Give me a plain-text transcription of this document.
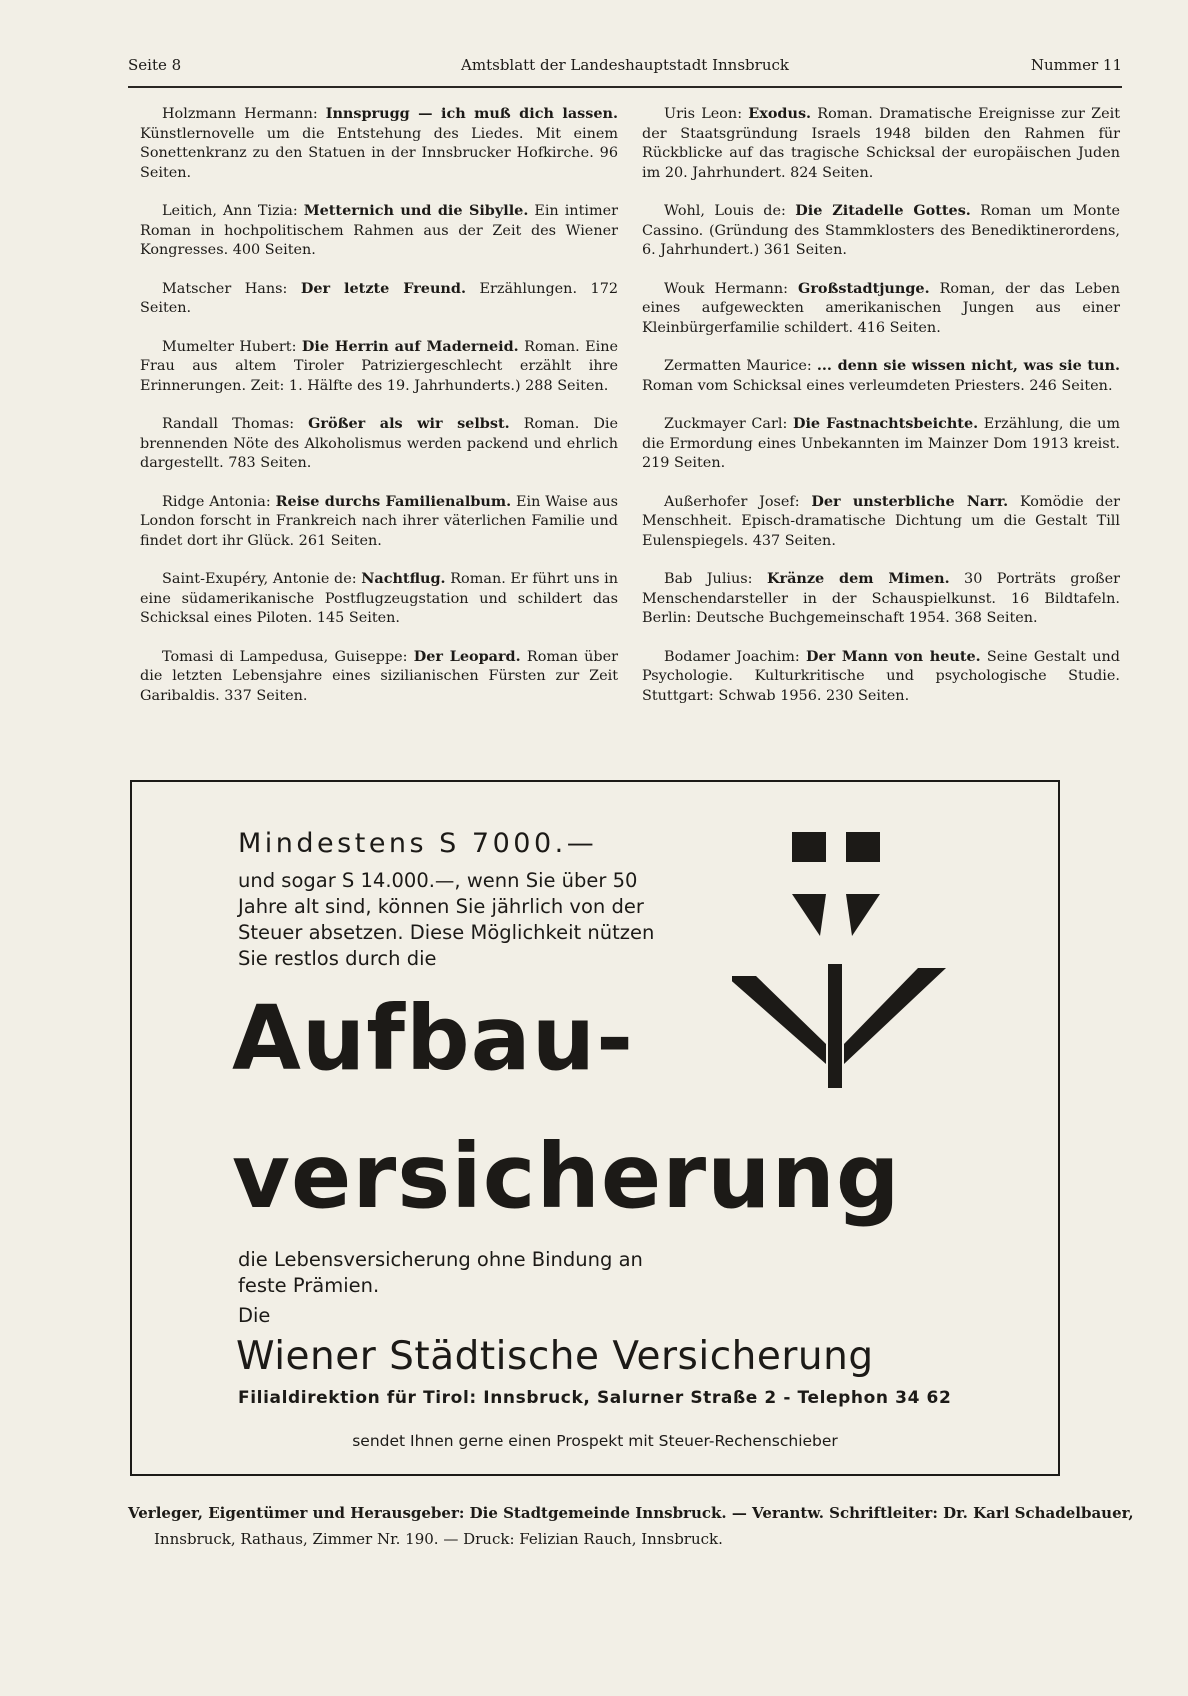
Seite 8	Amtsblatt der Landeshauptstadt Innsbruck	Nummer 11

Holzmann Hermann: Innsprugg — ich muß dich lassen. Künstlernovelle um die Entstehung des Liedes. Mit einem Sonettenkranz zu den Statuen in der Innsbrucker Hofkirche. 96 Seiten.

Leitich, Ann Tizia: Metternich und die Sibylle. Ein intimer Roman in hochpolitischem Rahmen aus der Zeit des Wiener Kongresses. 400 Seiten.

Matscher Hans: Der letzte Freund. Erzählungen. 172 Seiten.

Mumelter Hubert: Die Herrin auf Maderneid. Roman. Eine Frau aus altem Tiroler Patriziergeschlecht erzählt ihre Erinnerungen. Zeit: 1. Hälfte des 19. Jahrhunderts.) 288 Seiten.

Randall Thomas: Größer als wir selbst. Roman. Die brennenden Nöte des Alkoholismus werden packend und ehrlich dargestellt. 783 Seiten.

Ridge Antonia: Reise durchs Familienalbum. Ein Waise aus London forscht in Frankreich nach ihrer väterlichen Familie und findet dort ihr Glück. 261 Seiten.

Saint-Exupéry, Antonie de: Nachtflug. Roman. Er führt uns in eine südamerikanische Postflugzeugstation und schildert das Schicksal eines Piloten. 145 Seiten.

Tomasi di Lampedusa, Guiseppe: Der Leopard. Roman über die letzten Lebensjahre eines sizilianischen Fürsten zur Zeit Garibaldis. 337 Seiten.

Uris Leon: Exodus. Roman. Dramatische Ereignisse zur Zeit der Staatsgründung Israels 1948 bilden den Rahmen für Rückblicke auf das tragische Schicksal der europäischen Juden im 20. Jahrhundert. 824 Seiten.

Wohl, Louis de: Die Zitadelle Gottes. Roman um Monte Cassino. (Gründung des Stammklosters des Benediktinerordens, 6. Jahrhundert.) 361 Seiten.

Wouk Hermann: Großstadtjunge. Roman, der das Leben eines aufgeweckten amerikanischen Jungen aus einer Kleinbürgerfamilie schildert. 416 Seiten.

Zermatten Maurice: ... denn sie wissen nicht, was sie tun. Roman vom Schicksal eines verleumdeten Priesters. 246 Seiten.

Zuckmayer Carl: Die Fastnachtsbeichte. Erzählung, die um die Ermordung eines Unbekannten im Mainzer Dom 1913 kreist. 219 Seiten.

Außerhofer Josef: Der unsterbliche Narr. Komödie der Menschheit. Episch-dramatische Dichtung um die Gestalt Till Eulenspiegels. 437 Seiten.

Bab Julius: Kränze dem Mimen. 30 Porträts großer Menschendarsteller in der Schauspielkunst. 16 Bildtafeln. Berlin: Deutsche Buchgemeinschaft 1954. 368 Seiten.

Bodamer Joachim: Der Mann von heute. Seine Gestalt und Psychologie. Kulturkritische und psychologische Studie. Stuttgart: Schwab 1956. 230 Seiten.

Mindestens S 7000.—
und sogar S 14.000.—, wenn Sie über 50 Jahre alt sind, können Sie jährlich von der Steuer absetzen. Diese Möglichkeit nützen Sie restlos durch die
Aufbau-
versicherung
die Lebensversicherung ohne Bindung an feste Prämien.
Die
Wiener Städtische Versicherung
Filialdirektion für Tirol: Innsbruck, Salurner Straße 2 - Telephon 34 62
sendet Ihnen gerne einen Prospekt mit Steuer-Rechenschieber
Verleger, Eigentümer und Herausgeber: Die Stadtgemeinde Innsbruck. — Verantw. Schriftleiter: Dr. Karl Schadelbauer,
Innsbruck, Rathaus, Zimmer Nr. 190. — Druck: Felizian Rauch, Innsbruck.
